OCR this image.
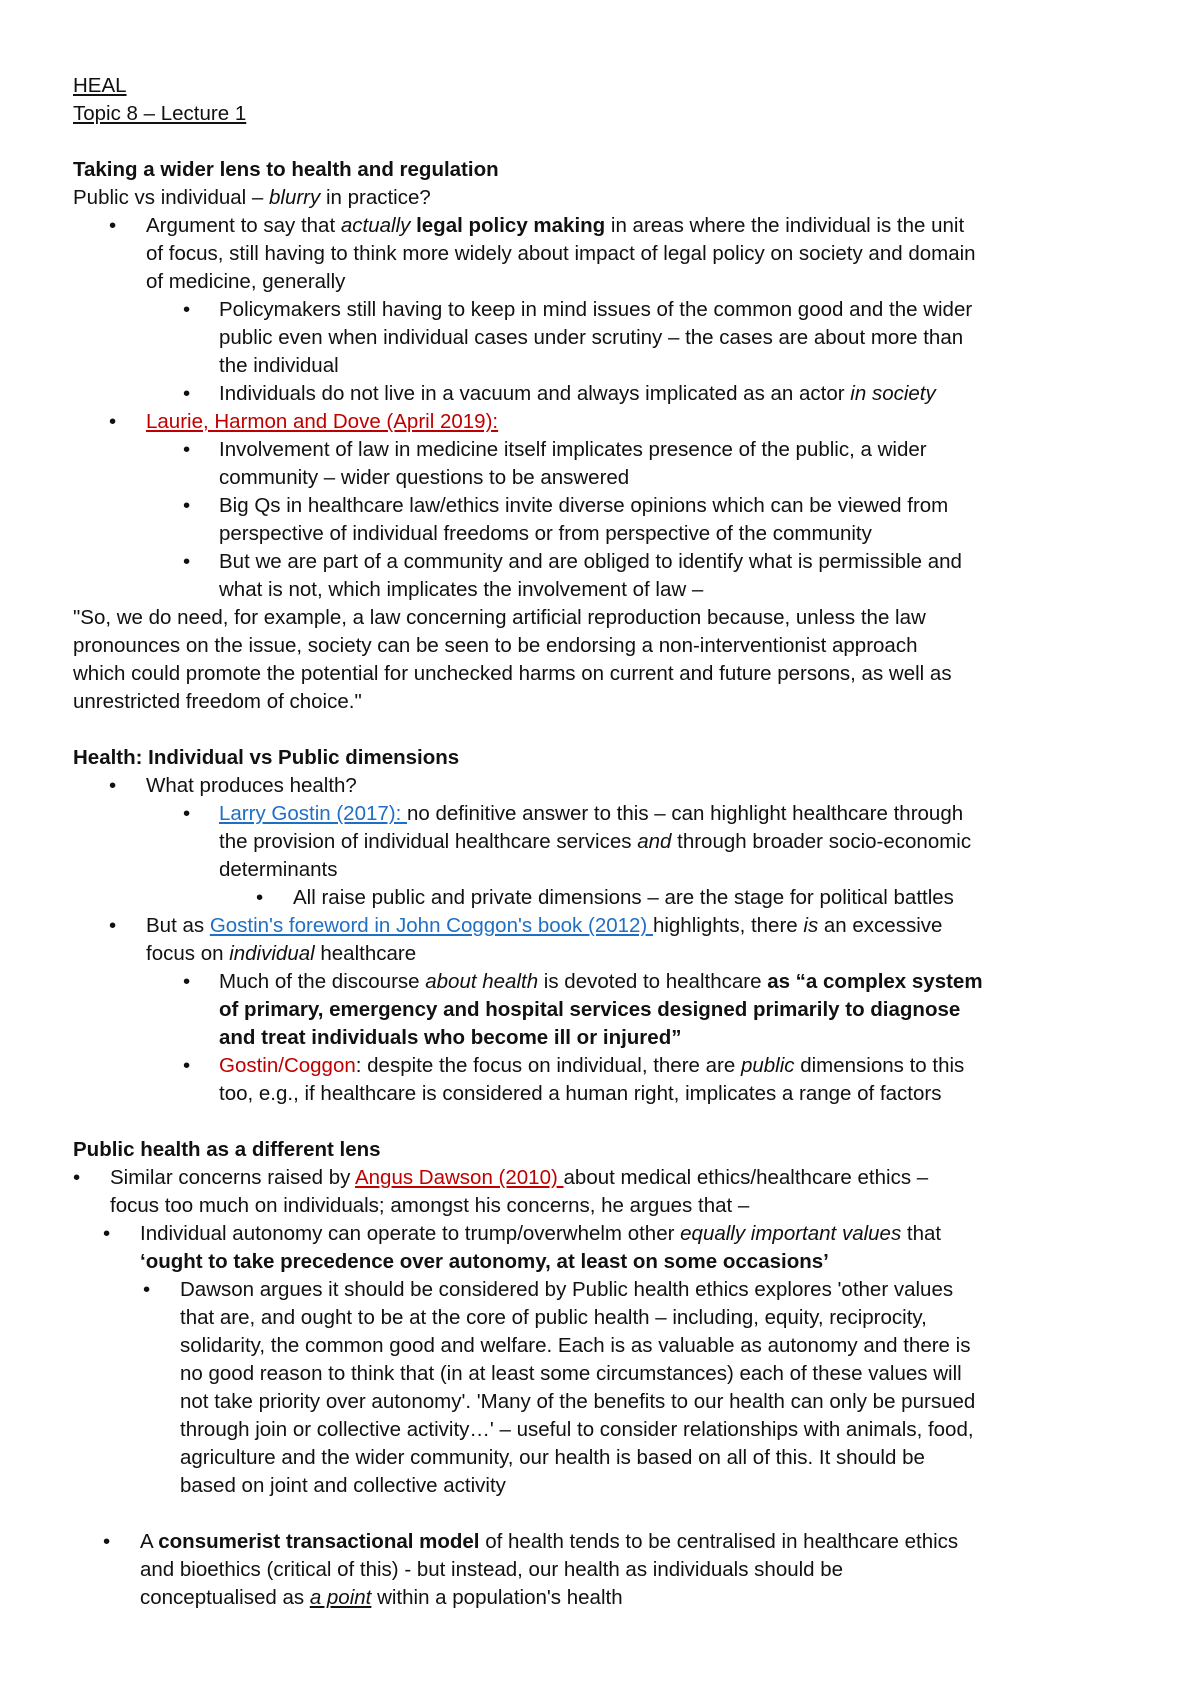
HEAL
Topic 8 – Lecture 1
Taking a wider lens to health and regulation
Public vs individual – blurry in practice?
• Argument to say that actually legal policy making in areas where the individual is the unit
of focus, still having to think more widely about impact of legal policy on society and domain
of medicine, generally
• Policymakers still having to keep in mind issues of the common good and the wider
public even when individual cases under scrutiny – the cases are about more than
the individual
• Individuals do not live in a vacuum and always implicated as an actor in society
• Laurie, Harmon and Dove (April 2019):
• Involvement of law in medicine itself implicates presence of the public, a wider
community – wider questions to be answered
• Big Qs in healthcare law/ethics invite diverse opinions which can be viewed from
perspective of individual freedoms or from perspective of the community
• But we are part of a community and are obliged to identify what is permissible and
what is not, which implicates the involvement of law –
"So, we do need, for example, a law concerning artificial reproduction because, unless the law
pronounces on the issue, society can be seen to be endorsing a non-interventionist approach
which could promote the potential for unchecked harms on current and future persons, as well as
unrestricted freedom of choice."
Health: Individual vs Public dimensions
• What produces health?
• Larry Gostin (2017): no definitive answer to this – can highlight healthcare through
the provision of individual healthcare services and through broader socio-economic
determinants
• All raise public and private dimensions – are the stage for political battles
• But as Gostin's foreword in John Coggon's book (2012) highlights, there is an excessive
focus on individual healthcare
• Much of the discourse about health is devoted to healthcare as “a complex system
of primary, emergency and hospital services designed primarily to diagnose
and treat individuals who become ill or injured”
• Gostin/Coggon: despite the focus on individual, there are public dimensions to this
too, e.g., if healthcare is considered a human right, implicates a range of factors
Public health as a different lens
• Similar concerns raised by Angus Dawson (2010) about medical ethics/healthcare ethics –
focus too much on individuals; amongst his concerns, he argues that –
• Individual autonomy can operate to trump/overwhelm other equally important values that
‘ought to take precedence over autonomy, at least on some occasions’
• Dawson argues it should be considered by Public health ethics explores 'other values
that are, and ought to be at the core of public health – including, equity, reciprocity,
solidarity, the common good and welfare. Each is as valuable as autonomy and there is
no good reason to think that (in at least some circumstances) each of these values will
not take priority over autonomy'. 'Many of the benefits to our health can only be pursued
through join or collective activity…' – useful to consider relationships with animals, food,
agriculture and the wider community, our health is based on all of this. It should be
based on joint and collective activity
• A consumerist transactional model of health tends to be centralised in healthcare ethics
and bioethics (critical of this) - but instead, our health as individuals should be
conceptualised as a point within a population's health
